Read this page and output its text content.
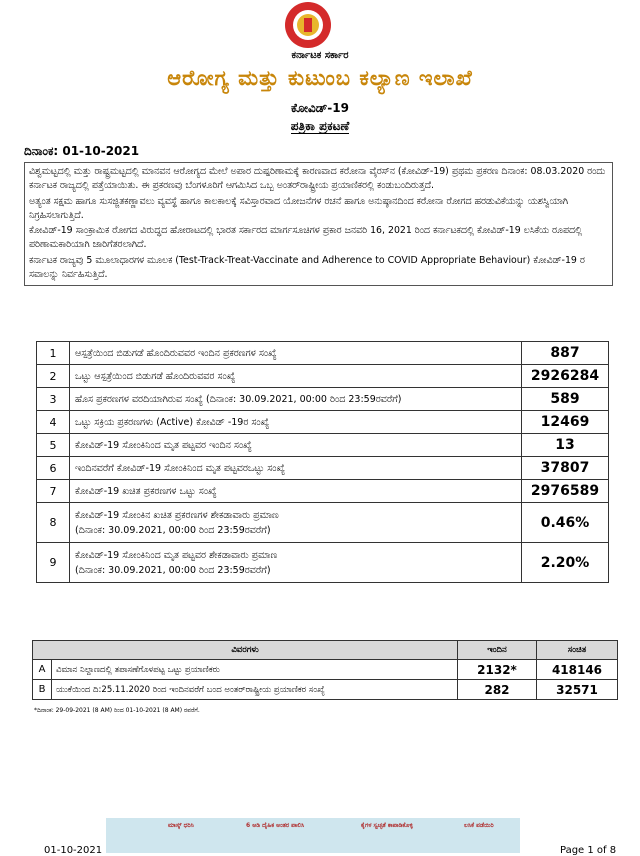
ಕರ್ನಾಟಕ ಸರ್ಕಾರ
ಆರೋಗ್ಯ ಮತ್ತು ಕುಟುಂಬ ಕಲ್ಯಾಣ ಇಲಾಖೆ
ಕೋವಿಡ್-19
ಪತ್ರಿಕಾ ಪ್ರಕಟಣೆ
ದಿನಾಂಕ: 01-10-2021

ವಿಶ್ವಮಟ್ಟದಲ್ಲಿ ಮತ್ತು ರಾಷ್ಟ್ರಮಟ್ಟದಲ್ಲಿ ಮಾನವನ ಆರೋಗ್ಯದ ಮೇಲೆ ಅಪಾರ ದುಷ್ಪರಿಣಾಮಕ್ಕೆ ಕಾರಣವಾದ ಕರೋನಾ ವೈರಸ್‌ನ (ಕೋವಿಡ್-19) ಪ್ರಥಮ ಪ್ರಕರಣ ದಿನಾಂಕ: 08.03.2020 ರಂದು ಕರ್ನಾಟಕ ರಾಜ್ಯದಲ್ಲಿ ಪತ್ತೆಯಾಯಿತು. ಈ ಪ್ರಕರಣವು ಬೆಂಗಳೂರಿಗೆ ಆಗಮಿಸಿದ ಒಬ್ಬ ಅಂತರ್‌ರಾಷ್ಟ್ರೀಯ ಪ್ರಯಾಣಿಕರಲ್ಲಿ ಕಂಡುಬಂದಿರುತ್ತದೆ.

ಅತ್ಯಂತ ಸಕ್ಷಮ ಹಾಗೂ ಸುಸಜ್ಜಿತಕಣ್ಣಾವಲು ವ್ಯವಸ್ಥೆ ಹಾಗೂ ಕಾಲಕಾಲಕ್ಕೆ ಸವಿಸ್ತಾರವಾದ ಯೋಜನೆಗಳ ರಚನೆ ಹಾಗೂ ಅನುಷ್ಠಾನದಿಂದ ಕರೋನಾ ರೋಗದ ಹರಡುವಿಕೆಯನ್ನು ಯಶಸ್ವಿಯಾಗಿ ನಿಗ್ರಹಿಸಲಾಗುತ್ತಿದೆ.

ಕೋವಿಡ್-19 ಸಾಂಕ್ರಾಮಿಕ ರೋಗದ ವಿರುದ್ಧದ ಹೋರಾಟದಲ್ಲಿ ಭಾರತ ಸರ್ಕಾರದ ಮಾರ್ಗಸೂಚಿಗಳ ಪ್ರಕಾರ ಜನವರಿ 16, 2021 ರಿಂದ ಕರ್ನಾಟಕದಲ್ಲಿ ಕೋವಿಡ್-19 ಲಸಿಕೆಯ ರೂಪದಲ್ಲಿ ಪರಿಣಾಮಕಾರಿಯಾಗಿ ಜಾರಿಗೆತರಲಾಗಿದೆ.

ಕರ್ನಾಟಕ ರಾಜ್ಯವು 5 ಮೂಲಾಧಾರಗಳ ಮೂಲಕ (Test-Track-Treat-Vaccinate and Adherence to COVID Appropriate Behaviour) ಕೋವಿಡ್-19 ರ ಸವಾಲನ್ನು ನಿರ್ವಹಿಸುತ್ತಿದೆ.

1	ಆಸ್ಪತ್ರೆಯಿಂದ ಬಿಡುಗಡೆ ಹೊಂದಿರುವವರ ಇಂದಿನ ಪ್ರಕರಣಗಳ ಸಂಖ್ಯೆ	887
2	ಒಟ್ಟು ಆಸ್ಪತ್ರೆಯಿಂದ ಬಿಡುಗಡೆ ಹೊಂದಿರುವವರ ಸಂಖ್ಯೆ	2926284
3	ಹೊಸ ಪ್ರಕರಣಗಳ ವರದಿಯಾಗಿರುವ ಸಂಖ್ಯೆ (ದಿನಾಂಕ: 30.09.2021, 00:00 ರಿಂದ 23:59ರವರೆಗೆ)	589
4	ಒಟ್ಟು ಸಕ್ರಿಯ ಪ್ರಕರಣಗಳು (Active) ಕೋವಿಡ್ -19ರ ಸಂಖ್ಯೆ	12469
5	ಕೋವಿಡ್-19 ಸೋಂಕಿನಿಂದ ಮೃತ ಪಟ್ಟವರ ಇಂದಿನ ಸಂಖ್ಯೆ	13
6	ಇಂದಿನವರೆಗೆ ಕೋವಿಡ್-19 ಸೋಂಕಿನಿಂದ ಮೃತ ಪಟ್ಟವರಒಟ್ಟು ಸಂಖ್ಯೆ	37807
7	ಕೋವಿಡ್-19 ಖಚಿತ ಪ್ರಕರಣಗಳ ಒಟ್ಟು ಸಂಖ್ಯೆ	2976589
8	ಕೋವಿಡ್-19 ಸೋಂಕಿನ ಖಚಿತ ಪ್ರಕರಣಗಳ ಶೇಕಡಾವಾರು ಪ್ರಮಾಣ
(ದಿನಾಂಕ: 30.09.2021, 00:00 ರಿಂದ 23:59ರವರೆಗೆ)	0.46%
9	ಕೋವಿಡ್-19 ಸೋಂಕಿನಿಂದ ಮೃತ ಪಟ್ಟವರ ಶೇಕಡಾವಾರು ಪ್ರಮಾಣ
(ದಿನಾಂಕ: 30.09.2021, 00:00 ರಿಂದ 23:59ರವರೆಗೆ)	2.20%
ವಿವರಗಳು		ಇಂದಿನ	ಸಂಚಿತ
A	ವಿಮಾನ ನಿಲ್ದಾಣದಲ್ಲಿ ತಪಾಸಣೆಗೊಳಪಟ್ಟ ಒಟ್ಟು ಪ್ರಯಾಣಿಕರು	2132*	418146
B	ಯುಕೆಯಿಂದ ದಿ:25.11.2020 ರಿಂದ ಇಂದಿನವರೆಗೆ ಬಂದ ಅಂತರ್‌ರಾಷ್ಟ್ರೀಯ ಪ್ರಯಾಣಿಕರ ಸಂಖ್ಯೆ	282	32571
*ದಿನಾಂಕ: 29-09-2021 (8 AM) ರಿಂದ 01-10-2021 (8 AM) ರವರೆಗೆ.
ಮಾಸ್ಕ್ ಧರಿಸಿ	6 ಅಡಿ ದೈಹಿಕ ಅಂತರ ಪಾಲಿಸಿ	ಕೈಗಳ ಸ್ವಚ್ಛತೆ ಕಾಪಾಡಿಕೊಳ್ಳಿ	ಲಸಿಕೆ ಪಡೆಯಿರಿ
01-10-2021	Page 1 of 8
